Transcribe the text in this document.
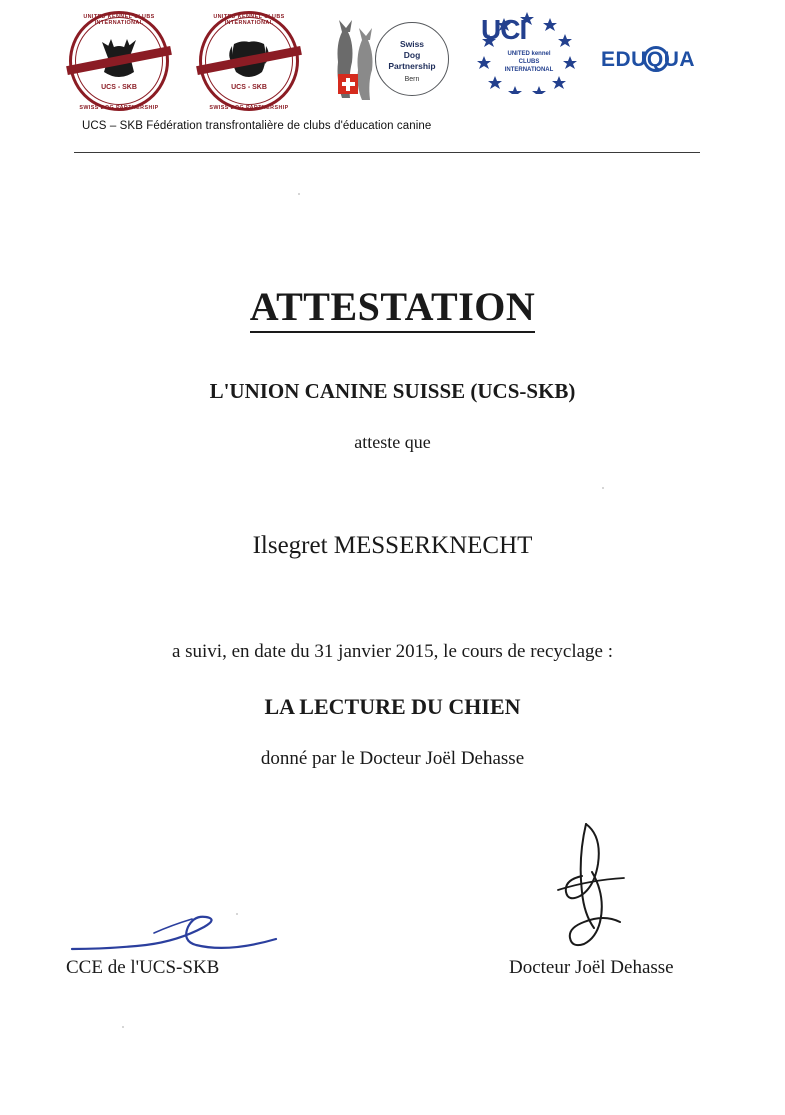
UNITED KENNEL CLUBS INTERNATIONAL
UCS - SKB
SWISS DOG PARTNERSHIP
UNITED KENNEL CLUBS INTERNATIONAL
UCS - SKB
SWISS DOG PARTNERSHIP
Swiss
Dog
Partnership
Bern
UCI
UNITED kennel
CLUBS
INTERNATIONAL	EDUQUA
UCS – SKB Fédération transfrontalière de clubs d'éducation canine
ATTESTATION
L'UNION CANINE SUISSE (UCS-SKB)
atteste que
Ilsegret MESSERKNECHT
a suivi, en date du 31 janvier 2015, le cours de recyclage :
LA LECTURE DU CHIEN
donné par le Docteur Joël Dehasse
CCE de l'UCS-SKB	Docteur Joël Dehasse
